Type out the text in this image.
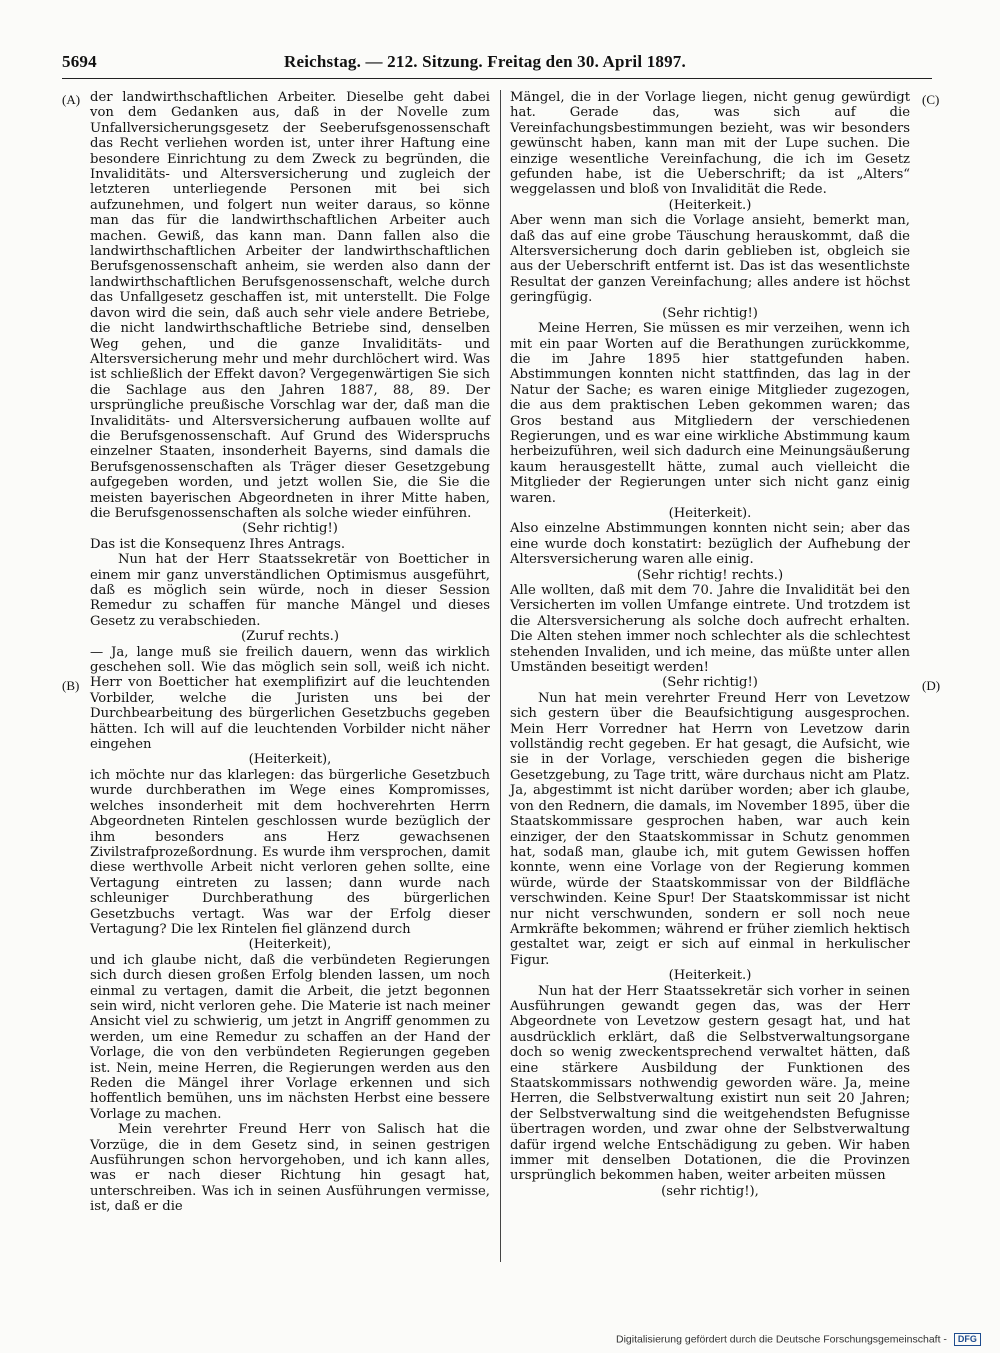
5694	Reichstag. — 212. Sitzung. Freitag den 30. April 1897.
(A)
(B)
(C)
(D)

der landwirthschaftlichen Arbeiter. Dieselbe geht dabei von dem Gedanken aus, daß in der Novelle zum Unfallversicherungsgesetz der Seeberufsgenossenschaft das Recht verliehen worden ist, unter ihrer Haftung eine besondere Einrichtung zu dem Zweck zu begründen, die Invaliditäts- und Altersversicherung und zugleich der letzteren unterliegende Personen mit bei sich aufzunehmen, und folgert nun weiter daraus, so könne man das für die landwirthschaftlichen Arbeiter auch machen. Gewiß, das kann man. Dann fallen also die landwirthschaftlichen Arbeiter der landwirthschaftlichen Berufsgenossenschaft anheim, sie werden also dann der landwirthschaftlichen Berufsgenossenschaft, welche durch das Unfallgesetz geschaffen ist, mit unterstellt. Die Folge davon wird die sein, daß auch sehr viele andere Betriebe, die nicht landwirthschaftliche Betriebe sind, denselben Weg gehen, und die ganze Invaliditäts- und Altersversicherung mehr und mehr durchlöchert wird. Was ist schließlich der Effekt davon? Vergegenwärtigen Sie sich die Sachlage aus den Jahren 1887, 88, 89. Der ursprüngliche preußische Vorschlag war der, daß man die Invaliditäts- und Altersversicherung aufbauen wollte auf die Berufsgenossenschaft. Auf Grund des Widerspruchs einzelner Staaten, insonderheit Bayerns, sind damals die Berufsgenossenschaften als Träger dieser Gesetzgebung aufgegeben worden, und jetzt wollen Sie, die Sie die meisten bayerischen Abgeordneten in ihrer Mitte haben, die Berufsgenossenschaften als solche wieder einführen.

(Sehr richtig!)

Das ist die Konsequenz Ihres Antrags.

Nun hat der Herr Staatssekretär von Boetticher in einem mir ganz unverständlichen Optimismus ausgeführt, daß es möglich sein würde, noch in dieser Session Remedur zu schaffen für manche Mängel und dieses Gesetz zu verabschieden.

(Zuruf rechts.)

— Ja, lange muß sie freilich dauern, wenn das wirklich geschehen soll. Wie das möglich sein soll, weiß ich nicht. Herr von Boetticher hat exemplifizirt auf die leuchtenden Vorbilder, welche die Juristen uns bei der Durchbearbeitung des bürgerlichen Gesetzbuchs gegeben hätten. Ich will auf die leuchtenden Vorbilder nicht näher eingehen

(Heiterkeit),

ich möchte nur das klarlegen: das bürgerliche Gesetzbuch wurde durchberathen im Wege eines Kompromisses, welches insonderheit mit dem hochverehrten Herrn Abgeordneten Rintelen geschlossen wurde bezüglich der ihm besonders ans Herz gewachsenen Zivilstrafprozeßordnung. Es wurde ihm versprochen, damit diese werthvolle Arbeit nicht verloren gehen sollte, eine Vertagung eintreten zu lassen; dann wurde nach schleuniger Durchberathung des bürgerlichen Gesetzbuchs vertagt. Was war der Erfolg dieser Vertagung? Die lex Rintelen fiel glänzend durch

(Heiterkeit),

und ich glaube nicht, daß die verbündeten Regierungen sich durch diesen großen Erfolg blenden lassen, um noch einmal zu vertagen, damit die Arbeit, die jetzt begonnen sein wird, nicht verloren gehe. Die Materie ist nach meiner Ansicht viel zu schwierig, um jetzt in Angriff genommen zu werden, um eine Remedur zu schaffen an der Hand der Vorlage, die von den verbündeten Regierungen gegeben ist. Nein, meine Herren, die Regierungen werden aus den Reden die Mängel ihrer Vorlage erkennen und sich hoffentlich bemühen, uns im nächsten Herbst eine bessere Vorlage zu machen.

Mein verehrter Freund Herr von Salisch hat die Vorzüge, die in dem Gesetz sind, in seinen gestrigen Ausführungen schon hervorgehoben, und ich kann alles, was er nach dieser Richtung hin gesagt hat, unterschreiben. Was ich in seinen Ausführungen vermisse, ist, daß er die

Mängel, die in der Vorlage liegen, nicht genug gewürdigt hat. Gerade das, was sich auf die Vereinfachungsbestimmungen bezieht, was wir besonders gewünscht haben, kann man mit der Lupe suchen. Die einzige wesentliche Vereinfachung, die ich im Gesetz gefunden habe, ist die Ueberschrift; da ist „Alters“ weggelassen und bloß von Invalidität die Rede.

(Heiterkeit.)

Aber wenn man sich die Vorlage ansieht, bemerkt man, daß das auf eine grobe Täuschung herauskommt, daß die Altersversicherung doch darin geblieben ist, obgleich sie aus der Ueberschrift entfernt ist. Das ist das wesentlichste Resultat der ganzen Vereinfachung; alles andere ist höchst geringfügig.

(Sehr richtig!)

Meine Herren, Sie müssen es mir verzeihen, wenn ich mit ein paar Worten auf die Berathungen zurückkomme, die im Jahre 1895 hier stattgefunden haben. Abstimmungen konnten nicht stattfinden, das lag in der Natur der Sache; es waren einige Mitglieder zugezogen, die aus dem praktischen Leben gekommen waren; das Gros bestand aus Mitgliedern der verschiedenen Regierungen, und es war eine wirkliche Abstimmung kaum herbeizuführen, weil sich dadurch eine Meinungsäußerung kaum herausgestellt hätte, zumal auch vielleicht die Mitglieder der Regierungen unter sich nicht ganz einig waren.

(Heiterkeit).

Also einzelne Abstimmungen konnten nicht sein; aber das eine wurde doch konstatirt: bezüglich der Aufhebung der Altersversicherung waren alle einig.

(Sehr richtig! rechts.)

Alle wollten, daß mit dem 70. Jahre die Invalidität bei den Versicherten im vollen Umfange eintrete. Und trotzdem ist die Altersversicherung als solche doch aufrecht erhalten. Die Alten stehen immer noch schlechter als die schlechtest stehenden Invaliden, und ich meine, das müßte unter allen Umständen beseitigt werden!

(Sehr richtig!)

Nun hat mein verehrter Freund Herr von Levetzow sich gestern über die Beaufsichtigung ausgesprochen. Mein Herr Vorredner hat Herrn von Levetzow darin vollständig recht gegeben. Er hat gesagt, die Aufsicht, wie sie in der Vorlage, verschieden gegen die bisherige Gesetzgebung, zu Tage tritt, wäre durchaus nicht am Platz. Ja, abgestimmt ist nicht darüber worden; aber ich glaube, von den Rednern, die damals, im November 1895, über die Staatskommissare gesprochen haben, war auch kein einziger, der den Staatskommissar in Schutz genommen hat, sodaß man, glaube ich, mit gutem Gewissen hoffen konnte, wenn eine Vorlage von der Regierung kommen würde, würde der Staatskommissar von der Bildfläche verschwinden. Keine Spur! Der Staatskommissar ist nicht nur nicht verschwunden, sondern er soll noch neue Armkräfte bekommen; während er früher ziemlich hektisch gestaltet war, zeigt er sich auf einmal in herkulischer Figur.

(Heiterkeit.)

Nun hat der Herr Staatssekretär sich vorher in seinen Ausführungen gewandt gegen das, was der Herr Abgeordnete von Levetzow gestern gesagt hat, und hat ausdrücklich erklärt, daß die Selbstverwaltungsorgane doch so wenig zweckentsprechend verwaltet hätten, daß eine stärkere Ausbildung der Funktionen des Staatskommissars nothwendig geworden wäre. Ja, meine Herren, die Selbstverwaltung existirt nun seit 20 Jahren; der Selbstverwaltung sind die weitgehendsten Befugnisse übertragen worden, und zwar ohne der Selbstverwaltung dafür irgend welche Entschädigung zu geben. Wir haben immer mit denselben Dotationen, die die Provinzen ursprünglich bekommen haben, weiter arbeiten müssen

(sehr richtig!),

Digitalisierung gefördert durch die Deutsche Forschungsgemeinschaft - DFG
